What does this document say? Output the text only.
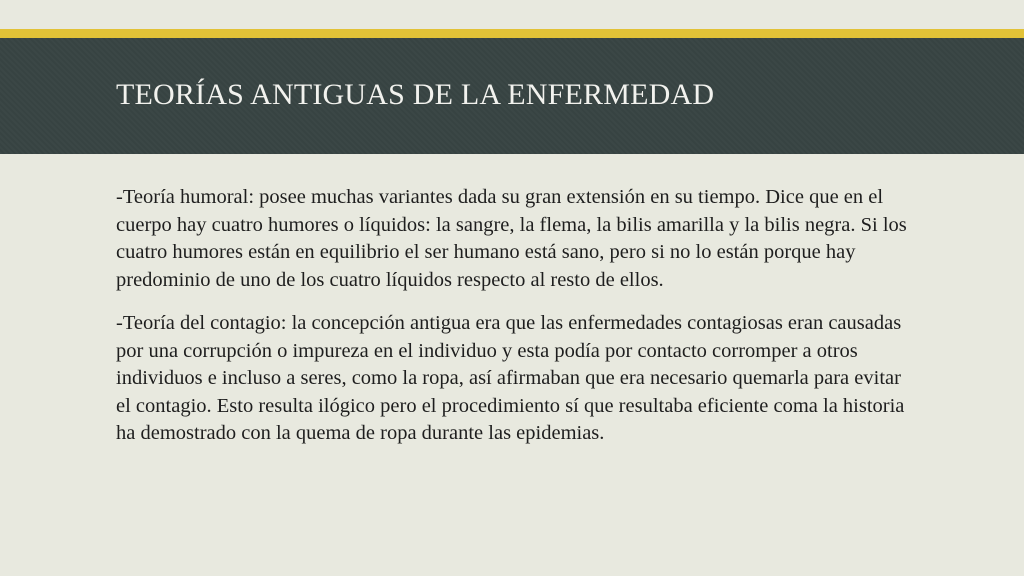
TEORÍAS ANTIGUAS DE LA ENFERMEDAD

-Teoría humoral: posee muchas variantes dada su gran extensión en su tiempo. Dice que en el cuerpo hay cuatro humores o líquidos: la sangre, la flema, la bilis amarilla y la bilis negra. Si los cuatro humores están en equilibrio el ser humano está sano, pero si no lo están porque hay predominio de uno de los cuatro líquidos respecto al resto de ellos.

-Teoría del contagio: la concepción antigua era que las enfermedades contagiosas eran causadas por una corrupción o impureza en el individuo y esta podía por contacto corromper a otros individuos e incluso a seres, como la ropa, así afirmaban que era necesario quemarla para evitar el contagio. Esto resulta ilógico pero el procedimiento sí que resultaba eficiente coma la historia ha demostrado con la quema de ropa durante las epidemias.
